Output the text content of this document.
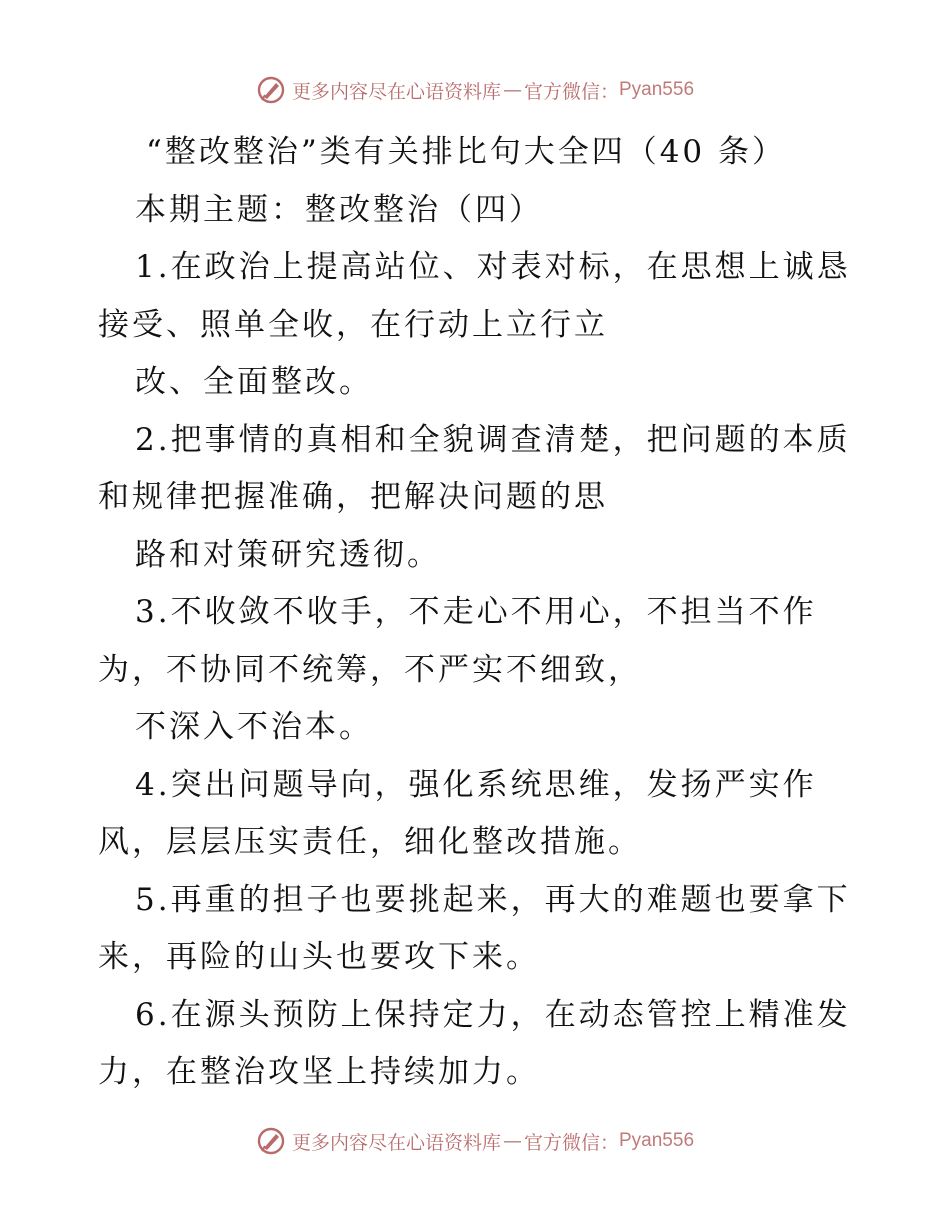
更多内容尽在心语资料库 — 官方微信： Pyan556

“整改整治”类有关排比句大全四（40 条）

本期主题：整改整治（四）

1.在政治上提高站位、对表对标，在思想上诚恳

接受、照单全收，在行动上立行立

改、全面整改。

2.把事情的真相和全貌调查清楚，把问题的本质

和规律把握准确，把解决问题的思

路和对策研究透彻。

3.不收敛不收手，不走心不用心，不担当不作

为，不协同不统筹，不严实不细致，

不深入不治本。

4.突出问题导向，强化系统思维，发扬严实作

风，层层压实责任，细化整改措施。

5.再重的担子也要挑起来，再大的难题也要拿下

来，再险的山头也要攻下来。

6.在源头预防上保持定力，在动态管控上精准发

力，在整治攻坚上持续加力。

更多内容尽在心语资料库 — 官方微信： Pyan556
